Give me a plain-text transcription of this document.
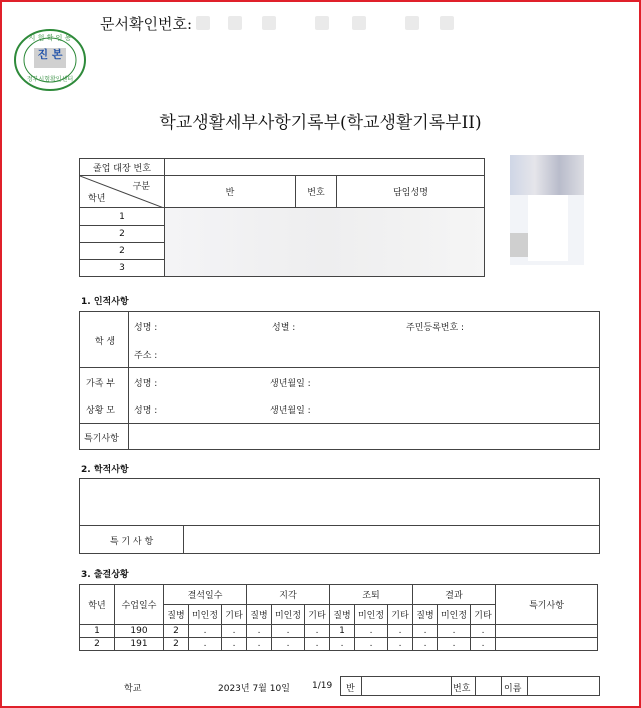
문서확인번호:
시 험 확 인 용
진 본
정부시험확인센터
학교생활세부사항기록부(학교생활기록부II)
졸업 대장 번호			

구분
학년	반	번호	담임성명
1			
2			
2			
3			
1. 인적사항
학 생
성명 :	성별 :	주민등록번호 :
주소 :
가족 부
상황 모
성명 :	생년월일 :
성명 :	생년월일 :
특기사항
2. 학적사항
특 기 사 항
3. 출결상황
학년	수업일수	결석일수			지각			조퇴			결과			특기사항
		질병	미인정	기타	질병	미인정	기타	질병	미인정	기타	질병	미인정	기타	
1	190	2	.	.	.	.	.	1	.	.	.	.	.	
2	191	2	.	.	.	.	.	.	.	.	.	.	.	
학교	2023년 7월 10일 1/19 반	번호	이름
